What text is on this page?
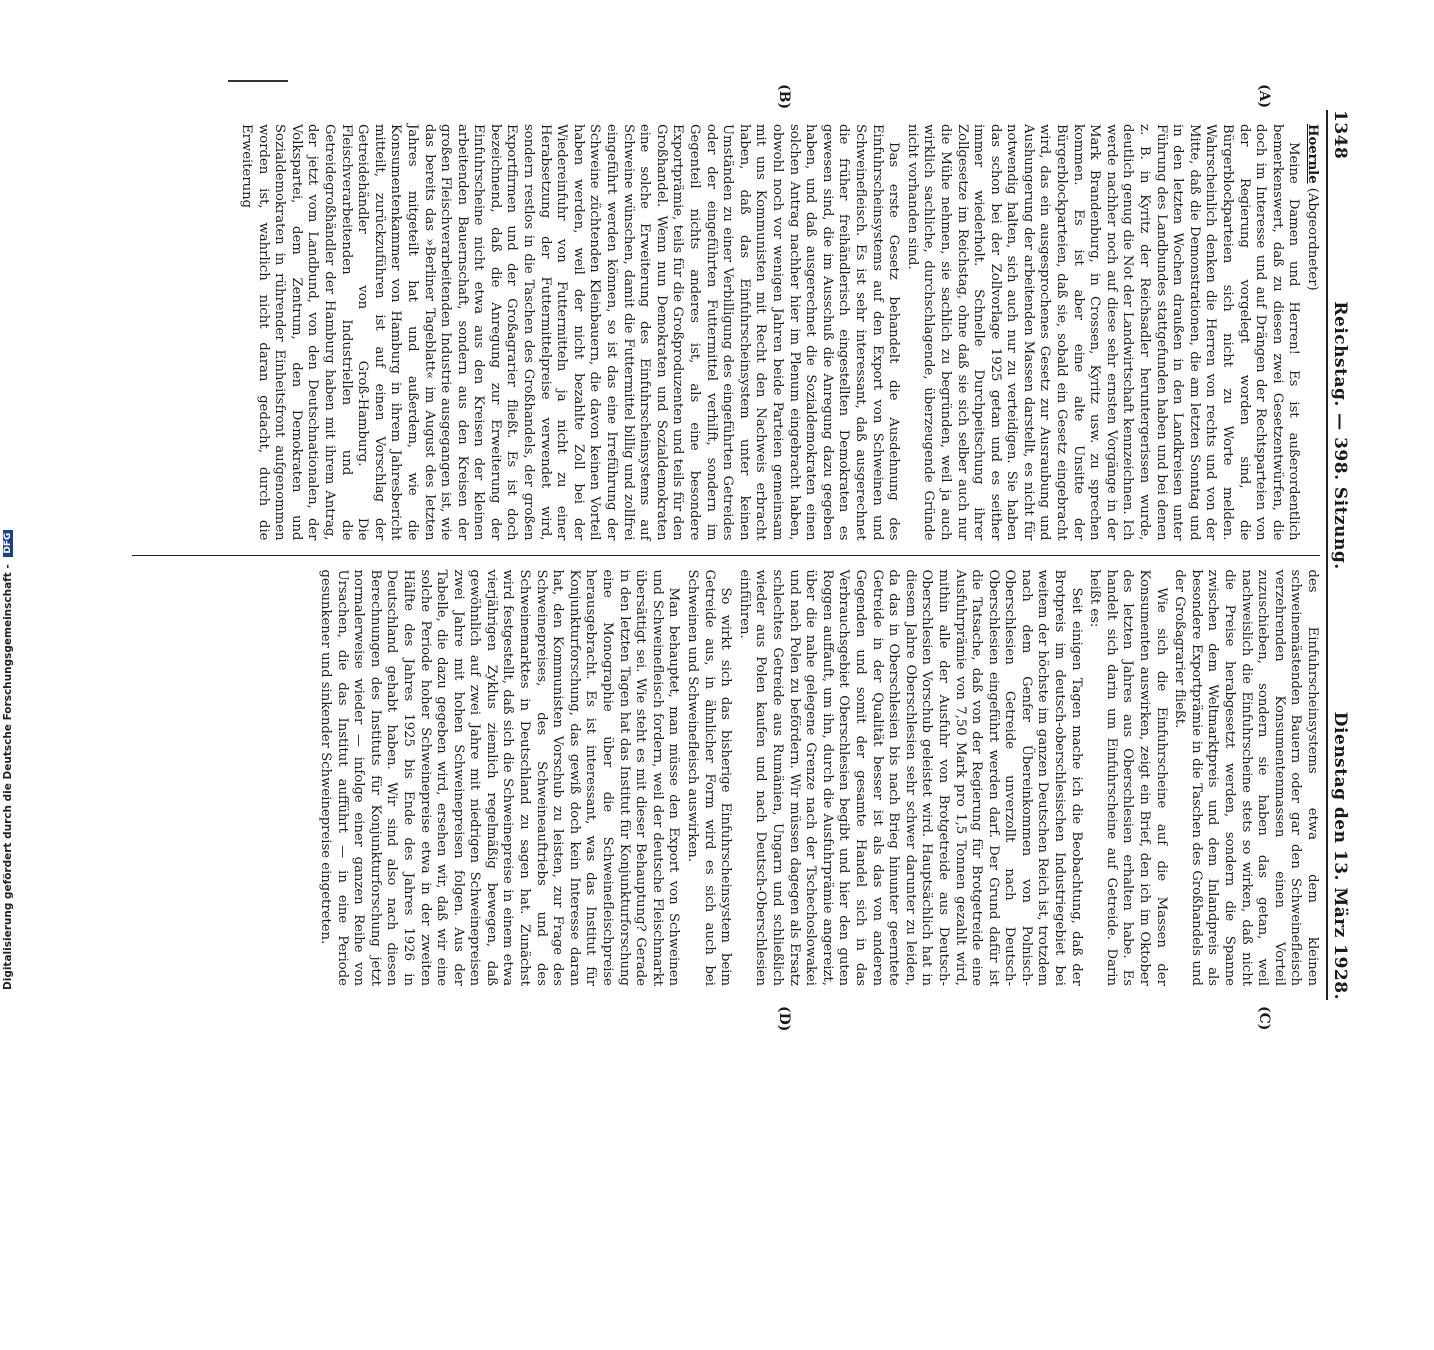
1348
Reichstag. — 398. Sitzung.
Dienstag den 13. März 1928.

Hoernle (Abgeordneter)

Meine Damen und Herren! Es ist außerordentlich bemerkenswert, daß zu diesen zwei Gesetzentwürfen, die doch im Interesse und auf Drängen der Rechtsparteien von der Regierung vorgelegt worden sind, die Bürgerblockparteien sich nicht zu Worte melden. Wahrscheinlich denken die Herren von rechts und von der Mitte, daß die Demonstrationen, die am letzten Sonntag und in den letzten Wochen draußen in den Landkreisen unter Führung des Landbundes stattgefunden haben und bei denen z. B. in Kyritz der Reichsadler heruntergerissen wurde, deutlich genug die Not der Landwirtschaft kennzeichnen. Ich werde nachher noch auf diese sehr ernsten Vorgänge in der Mark Brandenburg, in Crossen, Kyritz usw. zu sprechen kommen. Es ist aber eine alte Unsitte der Bürgerblockparteien, daß sie, sobald ein Gesetz eingebracht wird, das ein ausgesprochenes Gesetz zur Ausraubung und Aushungerung der arbeitenden Massen darstellt, es nicht für notwendig halten, sich auch nur zu verteidigen. Sie haben das schon bei der Zollvorlage 1925 getan und es seither immer wiederholt. Schnelle Durchpeitschung ihrer Zollgesetze im Reichstag, ohne daß sie sich selber auch nur die Mühe nehmen, sie sachlich zu begründen, weil ja auch wirklich sachliche, durchschlagende, überzeugende Gründe nicht vorhanden sind.

Das erste Gesetz behandelt die Ausdehnung des Einfuhrscheinsystems auf den Export von Schweinen und Schweinefleisch. Es ist sehr interessant, daß ausgerechnet die früher freihändlerisch eingestellten Demokraten es gewesen sind, die im Ausschuß die Anregung dazu gegeben haben, und daß ausgerechnet die Sozialdemokraten einen solchen Antrag nachher hier im Plenum eingebracht haben, obwohl noch vor wenigen Jahren beide Parteien gemeinsam mit uns Kommunisten mit Recht den Nachweis erbracht haben, daß das Einfuhrscheinsystem unter keinen Umständen zu einer Verbilligung des eingeführten Getreides oder der eingeführten Futtermittel verhilft, sondern im Gegenteil nichts anderes ist, als eine besondere Exportprämie, teils für die Großproduzenten und teils für den Großhandel. Wenn nun Demokraten und Sozialdemokraten eine solche Erweiterung des Einfuhrscheinsystems auf Schweine wünschen, damit die Futtermittel billig und zollfrei eingeführt werden können, so ist das eine Irreführung der Schweine züchtenden Kleinbauern, die davon keinen Vorteil haben werden, weil der nicht bezahlte Zoll bei der Wiedereinfuhr von Futtermitteln ja nicht zu einer Herabsetzung der Futtermittelpreise verwendet wird, sondern restlos in die Taschen des Großhandels, der großen Exportfirmen und der Großagrarier fließt. Es ist doch bezeichnend, daß die Anregung zur Erweiterung der Einfuhrscheine nicht etwa aus den Kreisen der kleinen arbeitenden Bauernschaft, sondern aus den Kreisen der großen Fleischverarbeitenden Industrie ausgegangen ist, wie das bereits das »Berliner Tageblatt« im August des letzten Jahres mitgeteilt hat und außerdem, wie die Konsumentenkammer von Hamburg in ihrem Jahresbericht mitteilt, zurückzuführen ist auf einen Vorschlag der Getreidehändler von Groß-Hamburg. Die Fleischverarbeitenden Industriellen und die Getreidegroßhändler der Hamburg haben mit ihrem Antrag, der jetzt vom Landbund, von den Deutschnationalen, der Volkspartei, dem Zentrum, den Demokraten und Sozialdemokraten in rührender Einheitsfront aufgenommen worden ist, wahrlich nicht daran gedacht, durch die Erweiterung

des Einfuhrscheinsystems etwa dem kleinen schweinemästenden Bauern oder gar den Schweinefleisch verzehrenden Konsumentenmassen einen Vorteil zuzuschieben, sondern sie haben das getan, weil nachweislich die Einfuhrscheine stets so wirken, daß nicht die Preise herabgesetzt werden, sondern die Spanne zwischen dem Weltmarktpreis und dem Inlandpreis als besondere Exportprämie in die Taschen des Großhandels und der Großagrarier fließt.

Wie sich die Einfuhrscheine auf die Massen der Konsumenten auswirken, zeigt ein Brief, den ich im Oktober des letzten Jahres aus Oberschlesien erhalten habe. Es handelt sich darin um Einfuhrscheine auf Getreide. Darin heißt es:

Seit einigen Tagen mache ich die Beobachtung, daß der Brotpreis im deutsch-oberschlesischen Industriegebiet bei weitem der höchste im ganzen Deutschen Reich ist, trotzdem nach dem Genfer Übereinkommen von Polnisch-Oberschlesien Getreide unverzollt nach Deutsch-Oberschlesien eingeführt werden darf. Der Grund dafür ist die Tatsache, daß von der Regierung für Brotgetreide eine Ausfuhrprämie von 7,50 Mark pro 1,5 Tonnen gezahlt wird, mithin alle der Ausfuhr von Brotgetreide aus Deutsch-Oberschlesien Vorschub geleistet wird. Hauptsächlich hat in diesem Jahre Oberschlesien sehr schwer darunter zu leiden, da das in Oberschlesien bis nach Brieg hinunter geerntete Getreide in der Qualität besser ist als das von anderen Gegenden und somit der gesamte Handel sich in das Verbrauchsgebiet Oberschlesien begibt und hier den guten Roggen auffauft, um ihn, durch die Ausfuhrprämie angereizt, über die nahe gelegene Grenze nach der Tschechoslowakei und nach Polen zu befördern. Wir müssen dagegen als Ersatz schlechtes Getreide aus Rumänien, Ungarn und schließlich wieder aus Polen kaufen und nach Deutsch-Oberschlesien einführen.

So wirkt sich das bisherige Einfuhrscheinsystem beim Getreide aus, in ähnlicher Form wird es sich auch bei Schweinen und Schweinefleisch auswirken.

Man behauptet, man müsse den Export von Schweinen und Schweinefleisch fordern, weil der deutsche Fleischmarkt übersättigt sei. Wie steht es mit dieser Behauptung? Gerade in den letzten Tagen hat das Institut für Konjunkturforschung eine Monographie über die Schweinefleischpreise herausgebracht. Es ist interessant, was das Institut für Konjunkturforschung, das gewiß doch kein Interesse daran hat, den Kommunisten Vorschub zu leisten, zur Frage des Schweinepreises, des Schweineauftriebs und des Schweinemarktes in Deutschland zu sagen hat. Zunächst wird festgestellt, daß sich die Schweinepreise in einem etwa vierjährigen Zyklus ziemlich regelmäßig bewegen, daß gewöhnlich auf zwei Jahre mit niedrigen Schweinepreisen zwei Jahre mit hohen Schweinepreisen folgen. Aus der Tabelle, die dazu gegeben wird, ersehen wir, daß wir eine solche Periode hoher Schweinepreise etwa in der zweiten Hälfte des Jahres 1925 bis Ende des Jahres 1926 in Deutschland gehabt haben. Wir sind also nach diesen Berechnungen des Instituts für Konjunkturforschung jetzt normalerweise wieder — infolge einer ganzen Reihe von Ursachen, die das Institut aufführt — in eine Periode gesunkener und sinkender Schweinepreise eingetreten.

(A)
(B)
(C)
(D)
Digitalisierung gefördert durch die Deutsche Forschungsgemeinschaft - DFG
